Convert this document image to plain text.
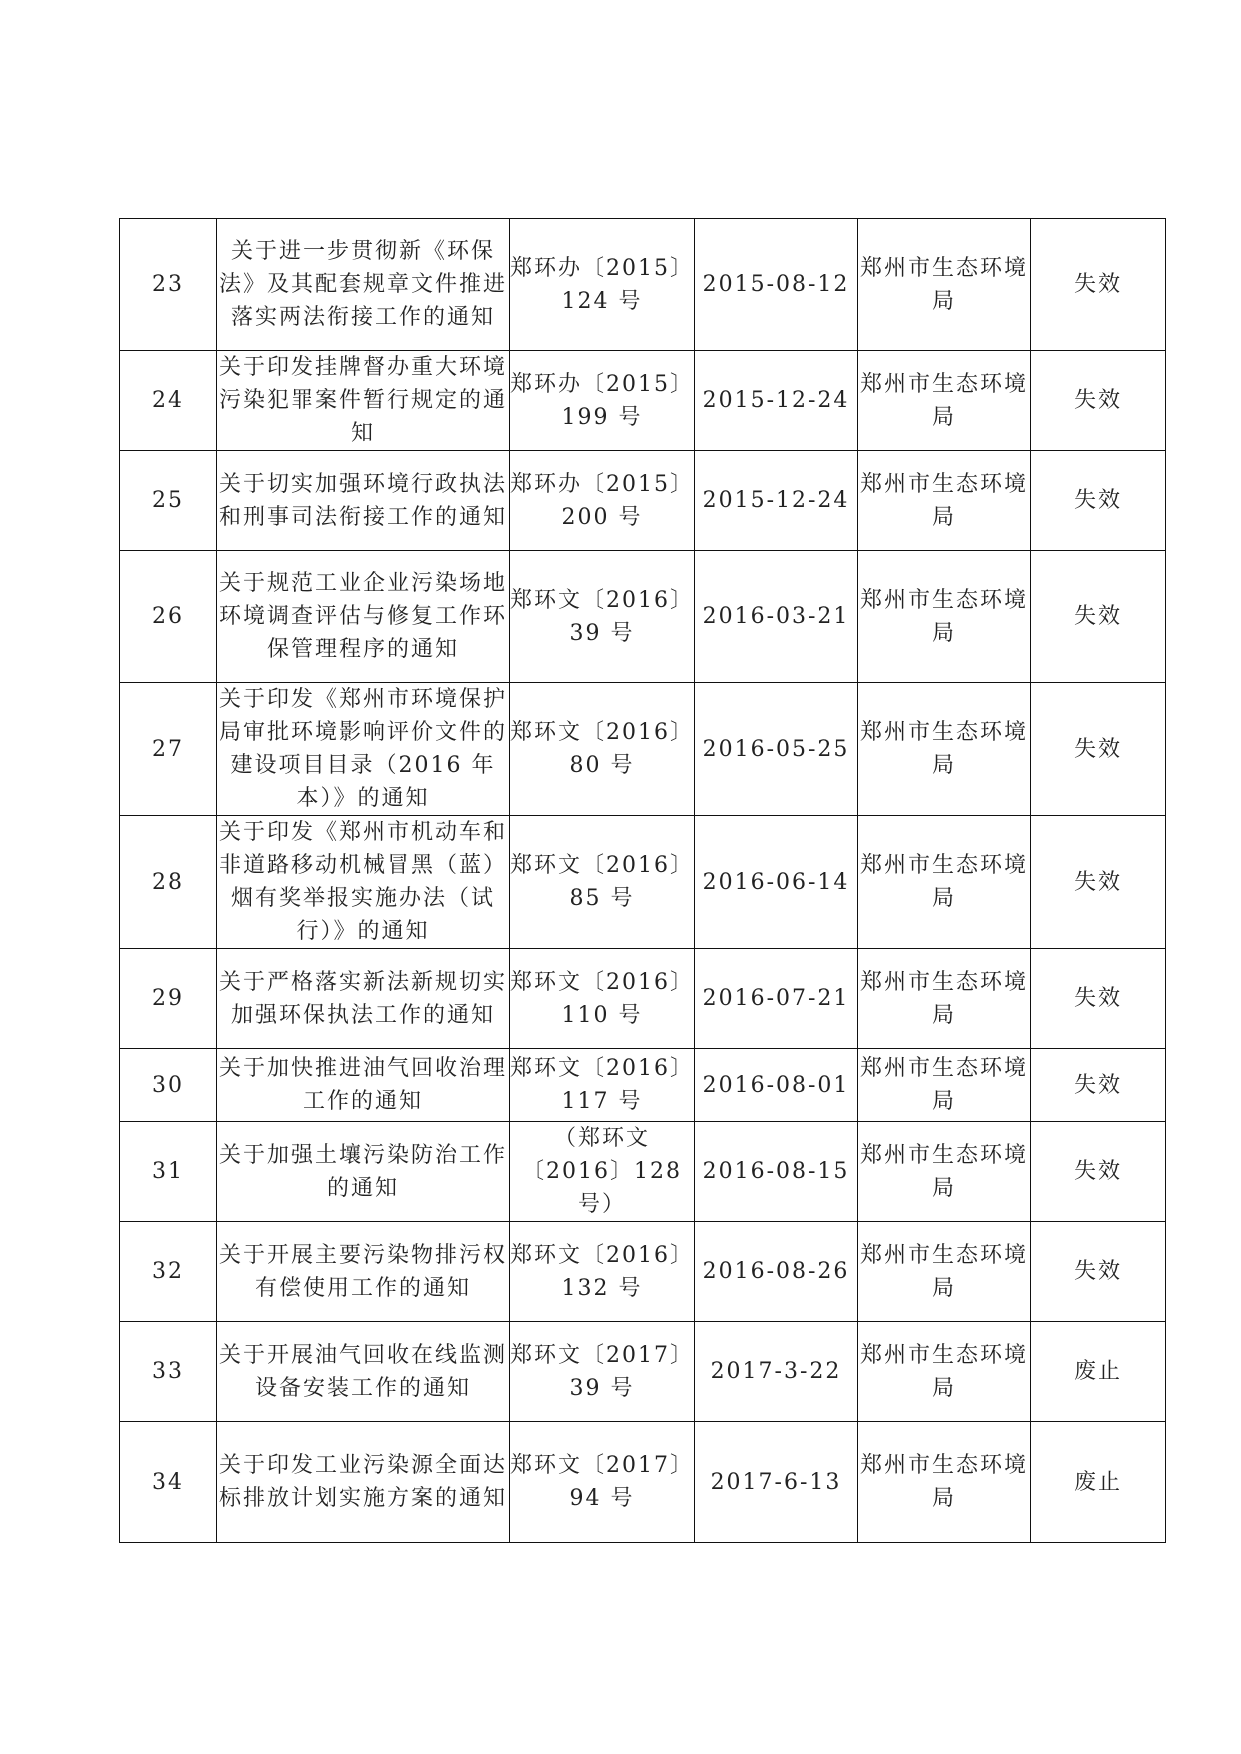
23	关于进一步贯彻新《环保法》及其配套规章文件推进落实两法衔接工作的通知	郑环办〔2015〕124 号	2015-08-12	郑州市生态环境局	失效
24	关于印发挂牌督办重大环境污染犯罪案件暂行规定的通知	郑环办〔2015〕199 号	2015-12-24	郑州市生态环境局	失效
25	关于切实加强环境行政执法和刑事司法衔接工作的通知	郑环办〔2015〕200 号	2015-12-24	郑州市生态环境局	失效
26	关于规范工业企业污染场地环境调查评估与修复工作环保管理程序的通知	郑环文〔2016〕39 号	2016-03-21	郑州市生态环境局	失效
27	关于印发《郑州市环境保护局审批环境影响评价文件的建设项目目录（2016 年本）》的通知	郑环文〔2016〕80 号	2016-05-25	郑州市生态环境局	失效
28	关于印发《郑州市机动车和非道路移动机械冒黑（蓝）烟有奖举报实施办法（试行）》的通知	郑环文〔2016〕85 号	2016-06-14	郑州市生态环境局	失效
29	关于严格落实新法新规切实加强环保执法工作的通知	郑环文〔2016〕110 号	2016-07-21	郑州市生态环境局	失效
30	关于加快推进油气回收治理工作的通知	郑环文〔2016〕117 号	2016-08-01	郑州市生态环境局	失效
31	关于加强土壤污染防治工作的通知	（郑环文〔2016〕128 号）	2016-08-15	郑州市生态环境局	失效
32	关于开展主要污染物排污权有偿使用工作的通知	郑环文〔2016〕132 号	2016-08-26	郑州市生态环境局	失效
33	关于开展油气回收在线监测设备安装工作的通知	郑环文〔2017〕39 号	2017-3-22	郑州市生态环境局	废止
34	关于印发工业污染源全面达标排放计划实施方案的通知	郑环文〔2017〕94 号	2017-6-13	郑州市生态环境局	废止
